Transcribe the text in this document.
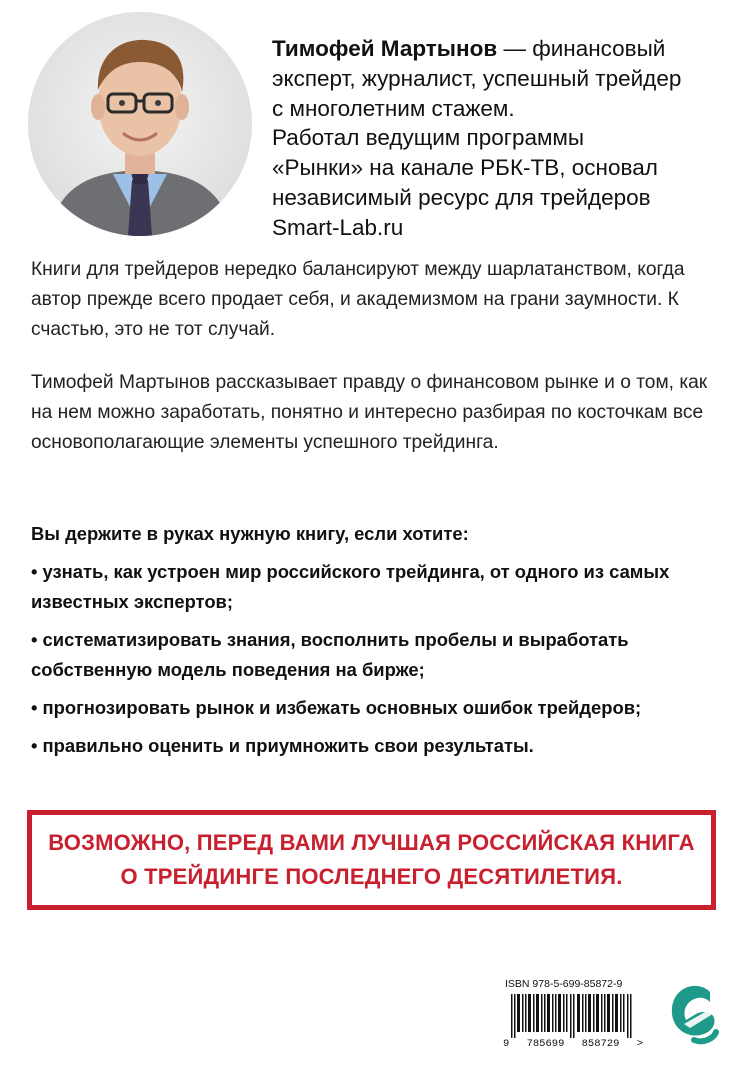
Тимофей Мартынов — финансовый
эксперт, журналист, успешный трейдер
с многолетним стажем.
Работал ведущим программы
«Рынки» на канале РБК-ТВ, основал
независимый ресурс для трейдеров
Smart-Lab.ru

Книги для трейдеров нередко балансируют между шарлатанством, когда автор прежде всего продает себя, и академизмом на грани заумности. К счастью, это не тот случай.

Тимофей Мартынов рассказывает правду о финансовом рынке и о том, как на нем можно заработать, понятно и интересно разбирая по косточкам все основополагающие элементы успешного трейдинга.

Вы держите в руках нужную книгу, если хотите:
• узнать, как устроен мир российского трейдинга, от одного из самых известных экспертов;
• систематизировать знания, восполнить пробелы и выработать собственную модель поведения на бирже;
• прогнозировать рынок и избежать основных ошибок трейдеров;
• правильно оценить и приумножить свои результаты.
ВОЗМОЖНО, ПЕРЕД ВАМИ ЛУЧШАЯ РОССИЙСКАЯ КНИГА
О ТРЕЙДИНГЕ ПОСЛЕДНЕГО ДЕСЯТИЛЕТИЯ.
ISBN 978-5-699-85872-9
9 785699 858729 >
